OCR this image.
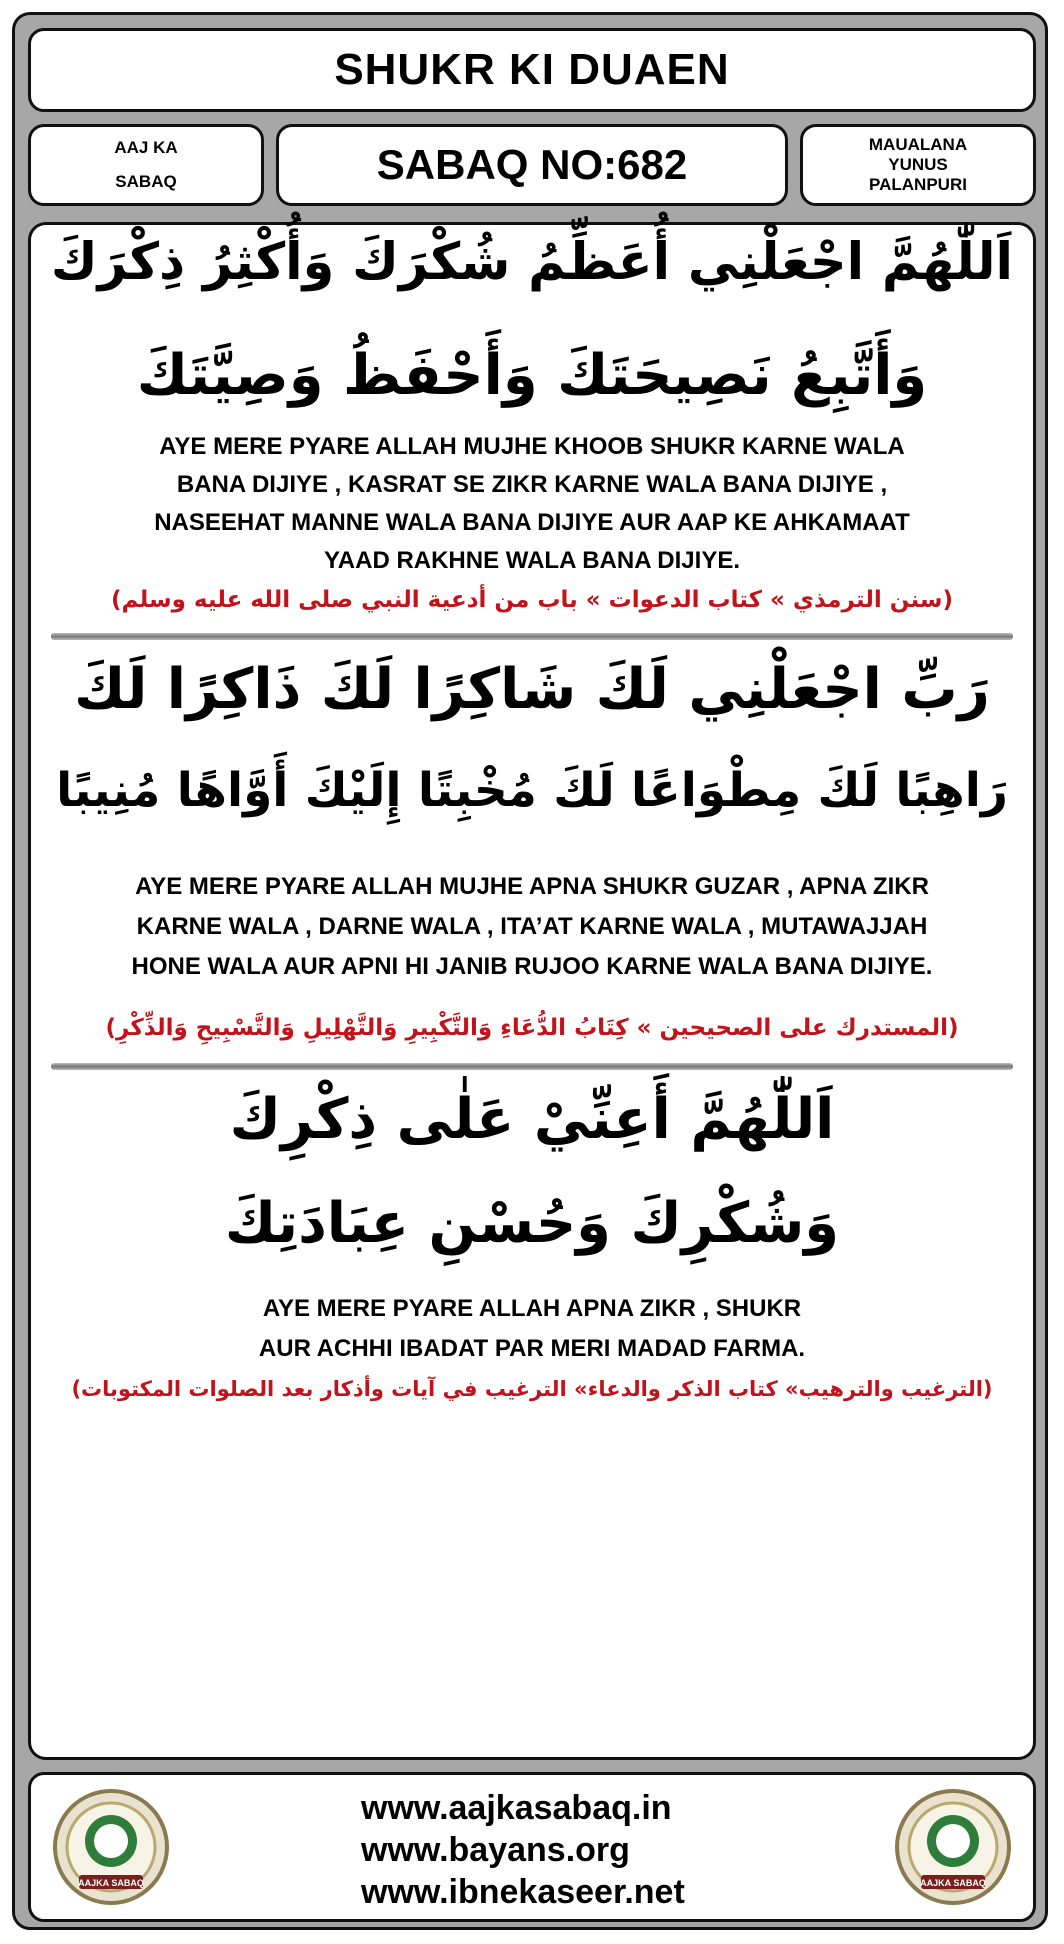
SHUKR KI DUAEN
AAJ KA
SABAQ	SABAQ NO:682	MAUALANA
YUNUS
PALANPURI
اَللّٰهُمَّ اجْعَلْنِي أُعَظِّمُ شُكْرَكَ وَأُكْثِرُ ذِكْرَكَ
وَأَتَّبِعُ نَصِيحَتَكَ وَأَحْفَظُ وَصِيَّتَكَ
AYE MERE PYARE ALLAH MUJHE KHOOB SHUKR KARNE WALA
BANA DIJIYE , KASRAT SE ZIKR KARNE WALA BANA DIJIYE ,
NASEEHAT MANNE WALA BANA DIJIYE AUR AAP KE AHKAMAAT
YAAD RAKHNE WALA BANA DIJIYE.
(سنن الترمذي » كتاب الدعوات » باب من أدعية النبي صلى الله عليه وسلم)
رَبِّ اجْعَلْنِي لَكَ شَاكِرًا لَكَ ذَاكِرًا لَكَ
رَاهِبًا لَكَ مِطْوَاعًا لَكَ مُخْبِتًا إِلَيْكَ أَوَّاهًا مُنِيبًا
AYE MERE PYARE ALLAH MUJHE APNA SHUKR GUZAR , APNA ZIKR
KARNE WALA , DARNE WALA , ITA’AT KARNE WALA , MUTAWAJJAH
HONE WALA AUR APNI HI JANIB RUJOO KARNE WALA BANA DIJIYE.
(المستدرك على الصحيحين » كِتَابُ الدُّعَاءِ وَالتَّكْبِيرِ وَالتَّهْلِيلِ وَالتَّسْبِيحِ وَالذِّكْرِ)
اَللّٰهُمَّ أَعِنِّيْ عَلٰى ذِكْرِكَ
وَشُكْرِكَ وَحُسْنِ عِبَادَتِكَ
AYE MERE PYARE ALLAH APNA ZIKR , SHUKR
AUR ACHHI IBADAT PAR MERI MADAD FARMA.
(الترغيب والترهيب» كتاب الذكر والدعاء» الترغيب في آيات وأذكار بعد الصلوات المكتوبات)
AAJKA SABAQ
www.aajkasabaq.in
www.bayans.org
www.ibnekaseer.net	AAJKA SABAQ
